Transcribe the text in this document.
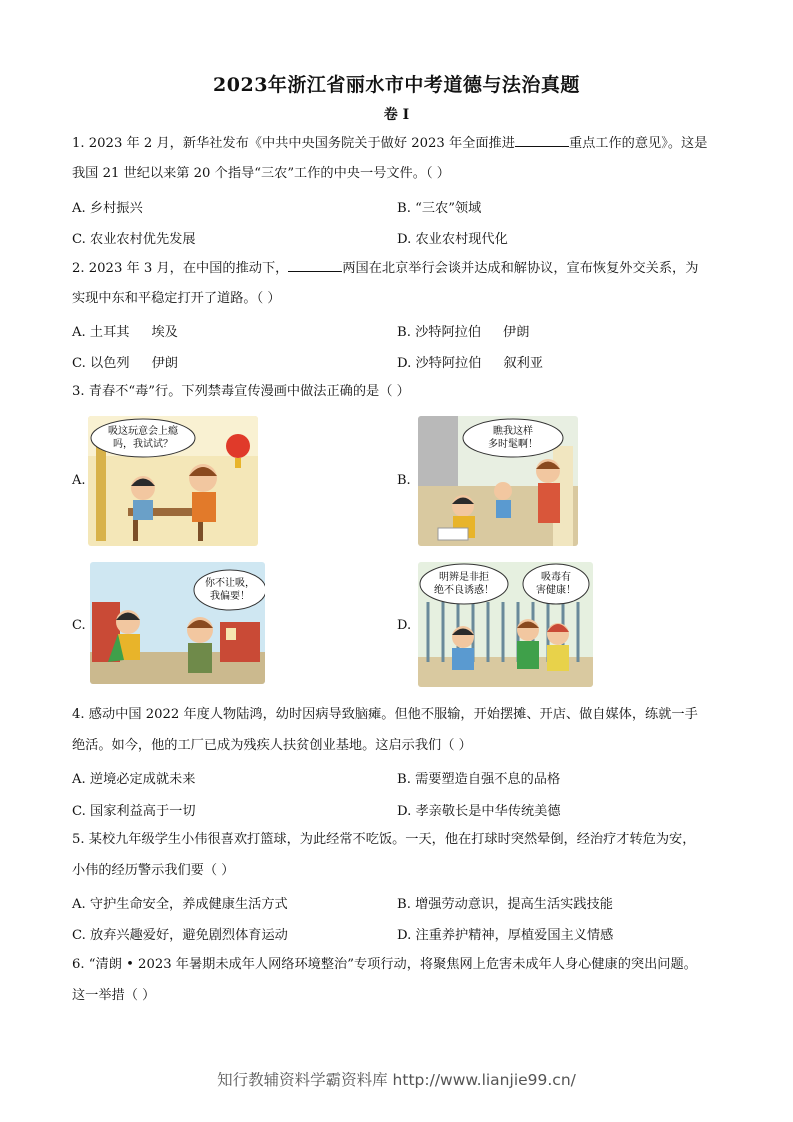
2023年浙江省丽水市中考道德与法治真题
卷 I
1. 2023 年 2 月，新华社发布《中共中央国务院关于做好 2023 年全面推进	重点工作的意见》。这是
我国 21 世纪以来第 20 个指导“三农”工作的中央一号文件。（ ）
A. 乡村振兴	B. “三农”领域
C. 农业农村优先发展	D. 农业农村现代化
2. 2023 年 3 月，在中国的推动下，	两国在北京举行会谈并达成和解协议，宣布恢复外交关系，为
实现中东和平稳定打开了道路。（ ）
A. 土耳其 埃及	B. 沙特阿拉伯 伊朗
C. 以色列 伊朗	D. 沙特阿拉伯 叙利亚
3. 青春不“毒”行。下列禁毒宣传漫画中做法正确的是（ ）
A.	B.
C.	D.
吸这玩意会上瘾
吗，我试试？
瞧我这样
多时髦啊！
你不让吸，
我偏要！
明辨是非拒
绝不良诱惑！
吸毒有
害健康！
4. 感动中国 2022 年度人物陆鸿，幼时因病导致脑瘫。但他不服输，开始摆摊、开店、做自媒体，练就一手
绝活。如今，他的工厂已成为残疾人扶贫创业基地。这启示我们（ ）
A. 逆境必定成就未来	B. 需要塑造自强不息的品格
C. 国家利益高于一切	D. 孝亲敬长是中华传统美德
5. 某校九年级学生小伟很喜欢打篮球，为此经常不吃饭。一天，他在打球时突然晕倒，经治疗才转危为安，
小伟的经历警示我们要（ ）
A. 守护生命安全，养成健康生活方式	B. 增强劳动意识，提高生活实践技能
C. 放弃兴趣爱好，避免剧烈体育运动	D. 注重养护精神，厚植爱国主义情感
6. “清朗 • 2023 年暑期未成年人网络环境整治”专项行动，将聚焦网上危害未成年人身心健康的突出问题。
这一举措（ ）
知行教辅资料学霸资料库 http://www.lianjie99.cn/
